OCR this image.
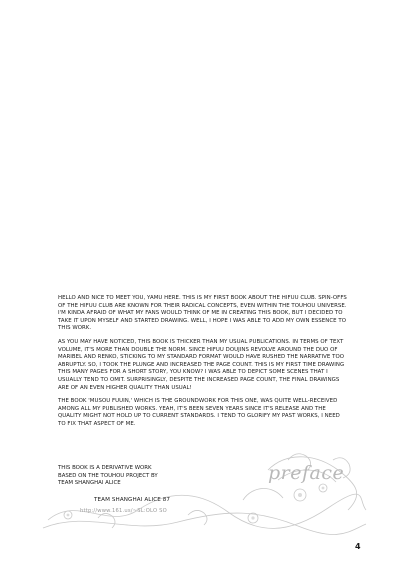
HELLO AND NICE TO MEET YOU, YAMU HERE. THIS IS MY FIRST BOOK ABOUT THE HIFUU CLUB. SPIN-OFFS OF THE HIFUU CLUB ARE KNOWN FOR THEIR RADICAL CONCEPTS, EVEN WITHIN THE TOUHOU UNIVERSE. I'M KINDA AFRAID OF WHAT MY FANS WOULD THINK OF ME IN CREATING THIS BOOK, BUT I DECIDED TO TAKE IT UPON MYSELF AND STARTED DRAWING. WELL, I HOPE I WAS ABLE TO ADD MY OWN ESSENCE TO THIS WORK.

AS YOU MAY HAVE NOTICED, THIS BOOK IS THICKER THAN MY USUAL PUBLICATIONS. IN TERMS OF TEXT VOLUME, IT'S MORE THAN DOUBLE THE NORM. SINCE HIFUU DOUJINS REVOLVE AROUND THE DUO OF MARIBEL AND RENKO, STICKING TO MY STANDARD FORMAT WOULD HAVE RUSHED THE NARRATIVE TOO ABRUPTLY. SO, I TOOK THE PLUNGE AND INCREASED THE PAGE COUNT. THIS IS MY FIRST TIME DRAWING THIS MANY PAGES FOR A SHORT STORY, YOU KNOW? I WAS ABLE TO DEPICT SOME SCENES THAT I USUALLY TEND TO OMIT. SURPRISINGLY, DESPITE THE INCREASED PAGE COUNT, THE FINAL DRAWINGS ARE OF AN EVEN HIGHER QUALITY THAN USUAL!

THE BOOK 'MUSOU FUUIN,' WHICH IS THE GROUNDWORK FOR THIS ONE, WAS QUITE WELL-RECEIVED AMONG ALL MY PUBLISHED WORKS. YEAH, IT'S BEEN SEVEN YEARS SINCE IT'S RELEASE AND THE QUALITY MIGHT NOT HOLD UP TO CURRENT STANDARDS. I TEND TO GLORIFY MY PAST WORKS, I NEED TO FIX THAT ASPECT OF ME.

THIS BOOK IS A DERIVATIVE WORK

BASED ON THE TOUHOU PROJECT BY

TEAM SHANGHAI ALICE

TEAM SHANGHAI ALICE 87
http://www.161.us/~SL:OLO SO
preface
4
